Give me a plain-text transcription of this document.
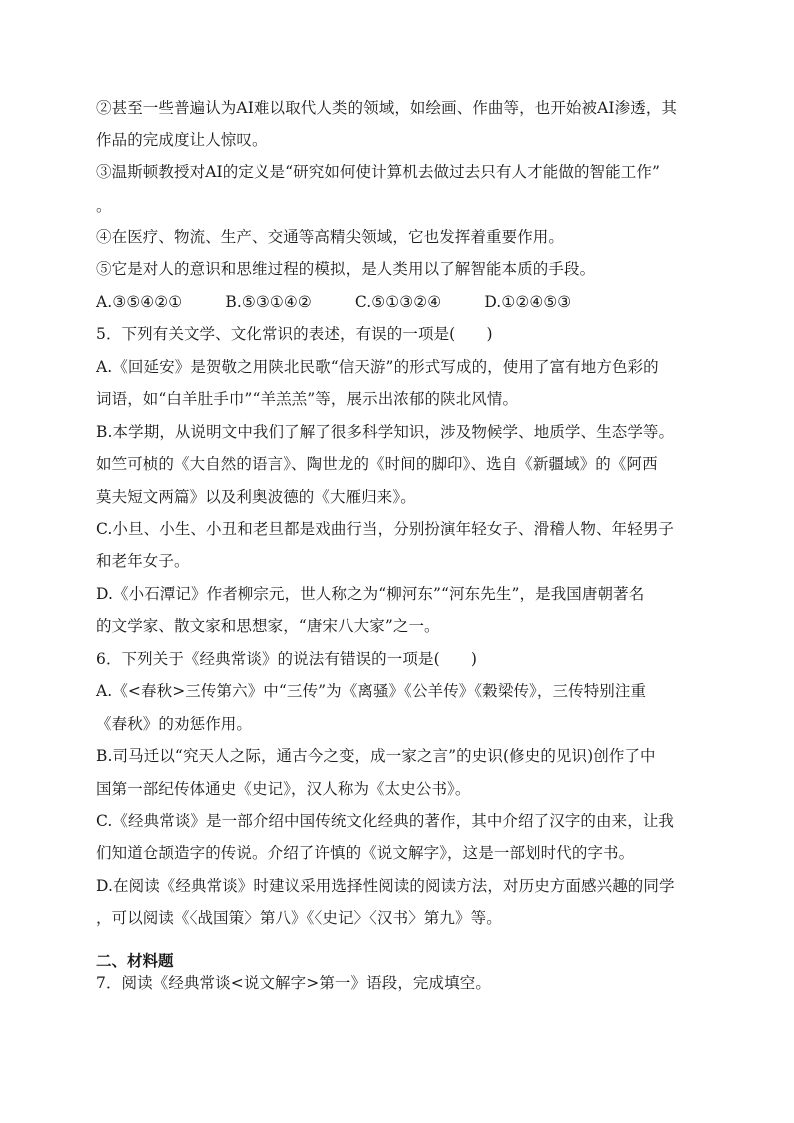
②甚至一些普遍认为AI难以取代人类的领域，如绘画、作曲等，也开始被AI渗透，其
作品的完成度让人惊叹。
③温斯顿教授对AI的定义是“研究如何使计算机去做过去只有人才能做的智能工作”
。
④在医疗、物流、生产、交通等高精尖领域，它也发挥着重要作用。
⑤它是对人的意识和思维过程的模拟，是人类用以了解智能本质的手段。
A.③⑤④②①	B.⑤③①④②	C.⑤①③②④	D.①②④⑤③
5．下列有关文学、文化常识的表述，有误的一项是(　　)
A.《回延安》是贺敬之用陕北民歌“信天游”的形式写成的，使用了富有地方色彩的
词语，如“白羊肚手巾”“羊羔羔”等，展示出浓郁的陕北风情。
B.本学期，从说明文中我们了解了很多科学知识，涉及物候学、地质学、生态学等。
如竺可桢的《大自然的语言》、陶世龙的《时间的脚印》、选自《新疆域》的《阿西
莫夫短文两篇》以及利奥波德的《大雁归来》。
C.小旦、小生、小丑和老旦都是戏曲行当，分别扮演年轻女子、滑稽人物、年轻男子
和老年女子。
D.《小石潭记》作者柳宗元，世人称之为“柳河东”“河东先生”，是我国唐朝著名
的文学家、散文家和思想家，“唐宋八大家”之一。
6．下列关于《经典常谈》的说法有错误的一项是(　　)
A.《<春秋>三传第六》中“三传”为《离骚》《公羊传》《穀梁传》，三传特别注重
《春秋》的劝惩作用。
B.司马迁以“究天人之际，通古今之变，成一家之言”的史识(修史的见识)创作了中
国第一部纪传体通史《史记》，汉人称为《太史公书》。
C.《经典常谈》是一部介绍中国传统文化经典的著作，其中介绍了汉字的由来，让我
们知道仓颉造字的传说。介绍了许慎的《说文解字》，这是一部划时代的字书。
D.在阅读《经典常谈》时建议采用选择性阅读的阅读方法，对历史方面感兴趣的同学
，可以阅读《〈战国策〉第八》《〈史记〉〈汉书〉第九》等。
二、材料题
7．阅读《经典常谈<说文解字>第一》语段，完成填空。
